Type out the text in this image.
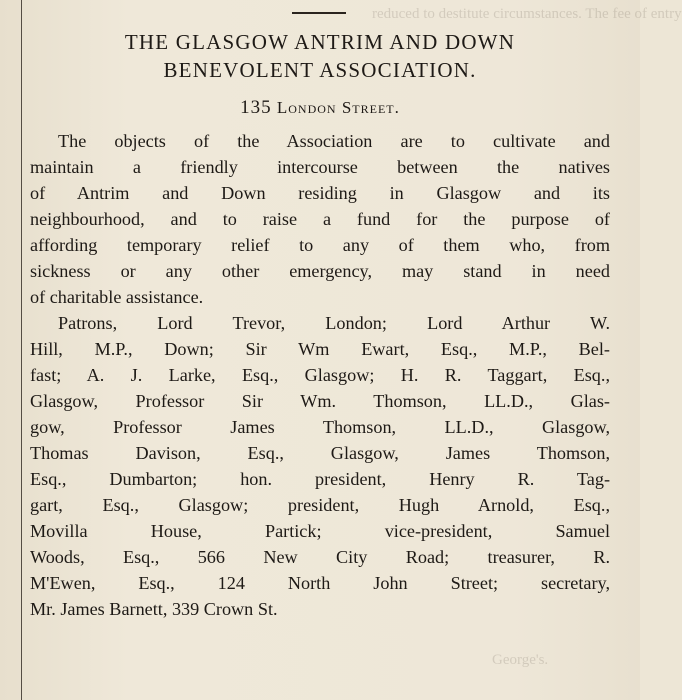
reduced to destitute circumstances. The fee of entry
George's.
THE GLASGOW ANTRIM AND DOWN
BENEVOLENT ASSOCIATION.
135 London Street.
The objects of the Association are to cultivate and
maintain a friendly intercourse between the natives
of Antrim and Down residing in Glasgow and its
neighbourhood, and to raise a fund for the purpose of
affording temporary relief to any of them who, from
sickness or any other emergency, may stand in need
of charitable assistance.
Patrons, Lord Trevor, London; Lord Arthur W.
Hill, M.P., Down; Sir Wm Ewart, Esq., M.P., Bel-
fast; A. J. Larke, Esq., Glasgow; H. R. Taggart, Esq.,
Glasgow, Professor Sir Wm. Thomson, LL.D., Glas-
gow, Professor James Thomson, LL.D., Glasgow,
Thomas Davison, Esq., Glasgow, James Thomson,
Esq., Dumbarton; hon. president, Henry R. Tag-
gart, Esq., Glasgow; president, Hugh Arnold, Esq.,
Movilla House, Partick; vice-president, Samuel
Woods, Esq., 566 New City Road; treasurer, R.
M'Ewen, Esq., 124 North John Street; secretary,
Mr. James Barnett, 339 Crown St.
